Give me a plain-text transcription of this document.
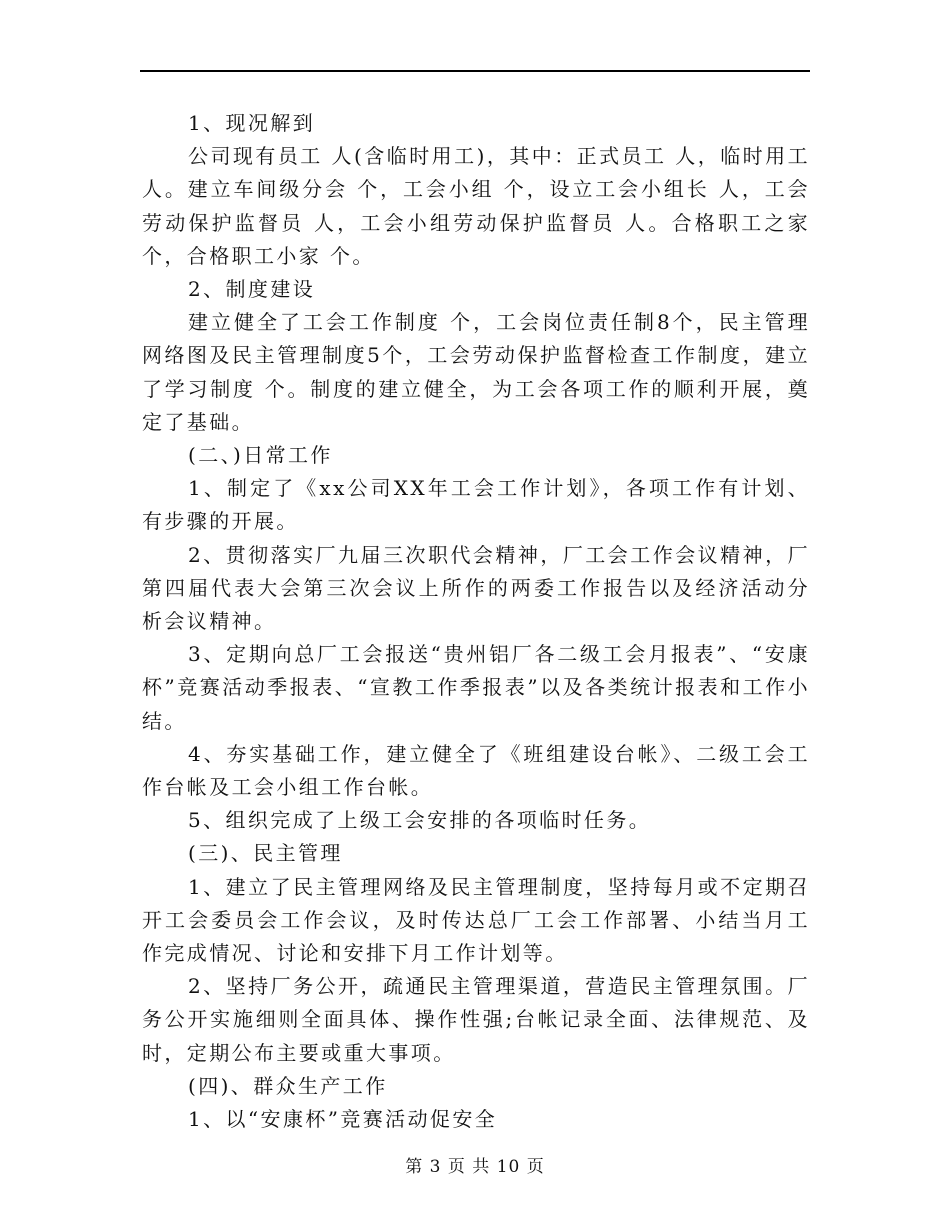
1、现况解到

公司现有员工 人(含临时用工)，其中：正式员工 人，临时用工人。建立车间级分会 个，工会小组 个，设立工会小组长 人，工会劳动保护监督员 人，工会小组劳动保护监督员 人。合格职工之家 个，合格职工小家 个。

2、制度建设

建立健全了工会工作制度 个，工会岗位责任制8个，民主管理网络图及民主管理制度5个，工会劳动保护监督检查工作制度，建立了学习制度 个。制度的建立健全，为工会各项工作的顺利开展，奠定了基础。

(二、)日常工作

1、制定了《xx公司XX年工会工作计划》，各项工作有计划、有步骤的开展。

2、贯彻落实厂九届三次职代会精神，厂工会工作会议精神，厂第四届代表大会第三次会议上所作的两委工作报告以及经济活动分析会议精神。

3、定期向总厂工会报送“贵州铝厂各二级工会月报表”、“安康杯”竞赛活动季报表、“宣教工作季报表”以及各类统计报表和工作小结。

4、夯实基础工作，建立健全了《班组建设台帐》、二级工会工作台帐及工会小组工作台帐。

5、组织完成了上级工会安排的各项临时任务。

(三)、民主管理

1、建立了民主管理网络及民主管理制度，坚持每月或不定期召开工会委员会工作会议，及时传达总厂工会工作部署、小结当月工作完成情况、讨论和安排下月工作计划等。

2、坚持厂务公开，疏通民主管理渠道，营造民主管理氛围。厂务公开实施细则全面具体、操作性强;台帐记录全面、法律规范、及时，定期公布主要或重大事项。

(四)、群众生产工作

1、以“安康杯”竞赛活动促安全

第 3 页 共 10 页
